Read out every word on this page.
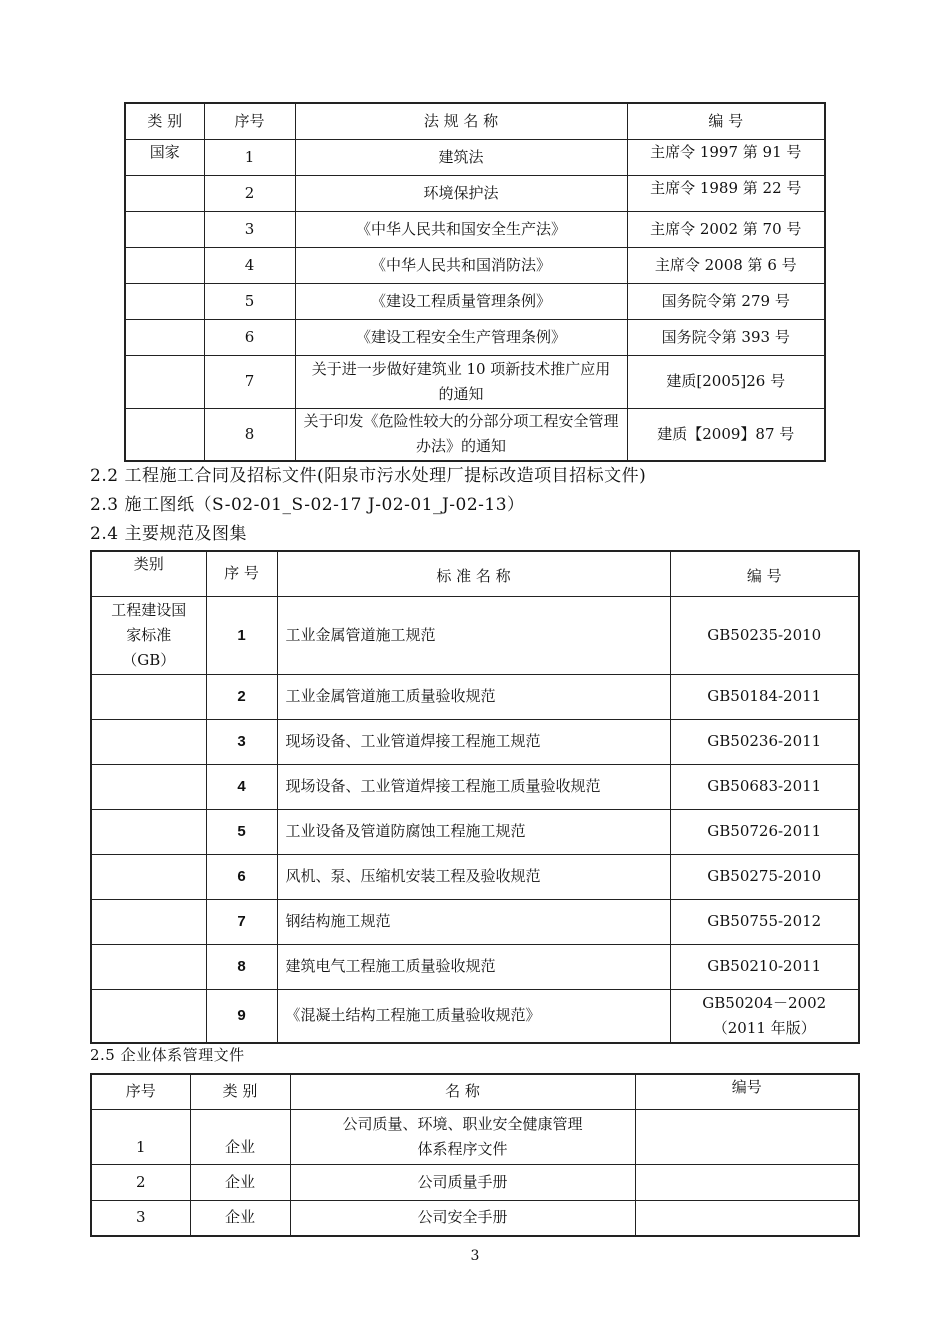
类 别	序号	法 规 名 称	编 号
国家	1	建筑法	主席令 1997 第 91 号
	2	环境保护法	主席令 1989 第 22 号
	3	《中华人民共和国安全生产法》	主席令 2002 第 70 号
	4	《中华人民共和国消防法》	主席令 2008 第 6 号
	5	《建设工程质量管理条例》	国务院令第 279 号
	6	《建设工程安全生产管理条例》	国务院令第 393 号
	7	关于进一步做好建筑业 10 项新技术推广应用的通知	建质[2005]26 号
	8	关于印发《危险性较大的分部分项工程安全管理办法》的通知	建质【2009】87 号
2.2 工程施工合同及招标文件(阳泉市污水处理厂提标改造项目招标文件)
2.3 施工图纸（S-02-01_S-02-17 J-02-01_J-02-13）
2.4 主要规范及图集
类别	序 号	标 准 名 称	编 号
工程建设国家标准（GB）	1	工业金属管道施工规范	GB50235-2010
	2	工业金属管道施工质量验收规范	GB50184-2011
	3	现场设备、工业管道焊接工程施工规范	GB50236-2011
	4	现场设备、工业管道焊接工程施工质量验收规范	GB50683-2011
	5	工业设备及管道防腐蚀工程施工规范	GB50726-2011
	6	风机、泵、压缩机安装工程及验收规范	GB50275-2010
	7	钢结构施工规范	GB50755-2012
	8	建筑电气工程施工质量验收规范	GB50210-2011
	9	《混凝土结构工程施工质量验收规范》	GB50204－2002（2011 年版）
2.5 企业体系管理文件
序号	类 别	名 称	编号
1	企业	公司质量、环境、职业安全健康管理体系程序文件	
2	企业	公司质量手册	
3	企业	公司安全手册	
3
